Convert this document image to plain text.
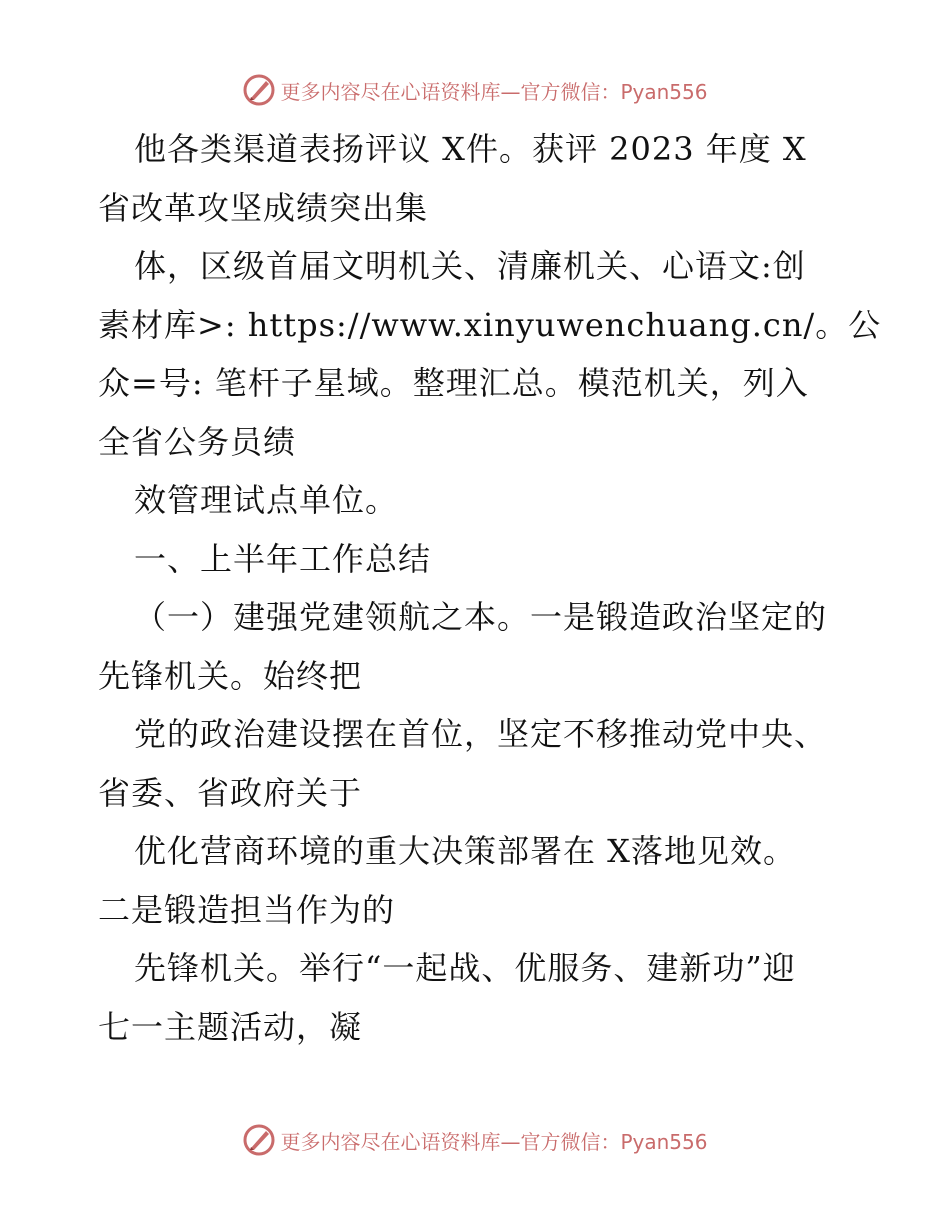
更多内容尽在心语资料库—官方微信：Pyan556
他各类渠道表扬评议 X件。获评 2023 年度 X
省改革攻坚成绩突出集
体，区级首届文明机关、清廉机关、心语文:创
素材库>: https://www.xinyuwenchuang.cn/。公
众=号: 笔杆子星域。整理汇总。模范机关，列入
全省公务员绩
效管理试点单位。
一、上半年工作总结
（一）建强党建领航之本。一是锻造政治坚定的
先锋机关。始终把
党的政治建设摆在首位，坚定不移推动党中央、
省委、省政府关于
优化营商环境的重大决策部署在 X落地见效。
二是锻造担当作为的
先锋机关。举行“一起战、优服务、建新功”迎
七一主题活动，凝
更多内容尽在心语资料库—官方微信：Pyan556
